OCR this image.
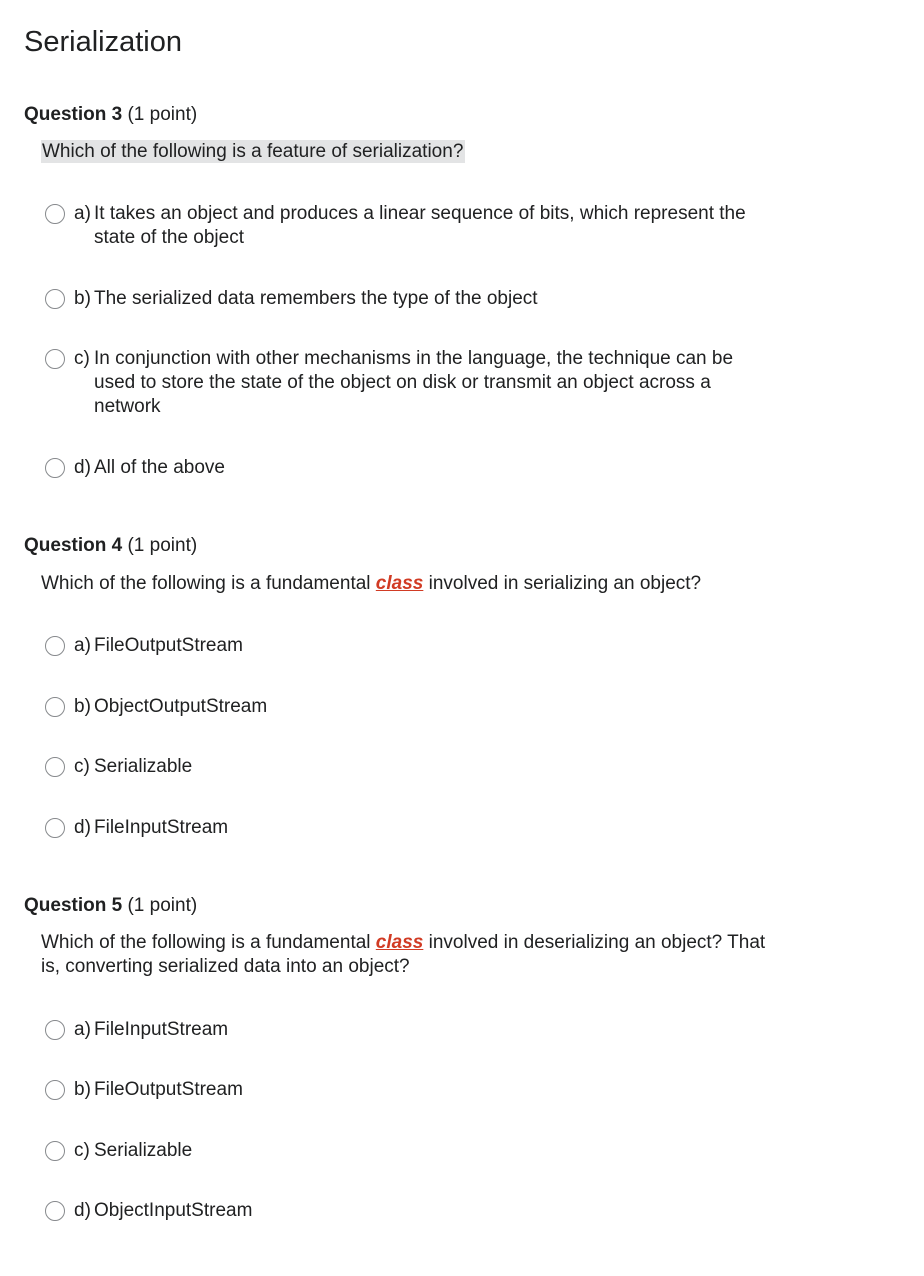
Serialization
Question 3 (1 point)
Which of the following is a feature of serialization?
a) It takes an object and produces a linear sequence of bits, which represent the state of the object
b) The serialized data remembers the type of the object
c) In conjunction with other mechanisms in the language, the technique can be used to store the state of the object on disk or transmit an object across a network
d) All of the above
Question 4 (1 point)
Which of the following is a fundamental class involved in serializing an object?
a) FileOutputStream
b) ObjectOutputStream
c) Serializable
d) FileInputStream
Question 5 (1 point)
Which of the following is a fundamental class involved in deserializing an object? That is, converting serialized data into an object?
a) FileInputStream
b) FileOutputStream
c) Serializable
d) ObjectInputStream
